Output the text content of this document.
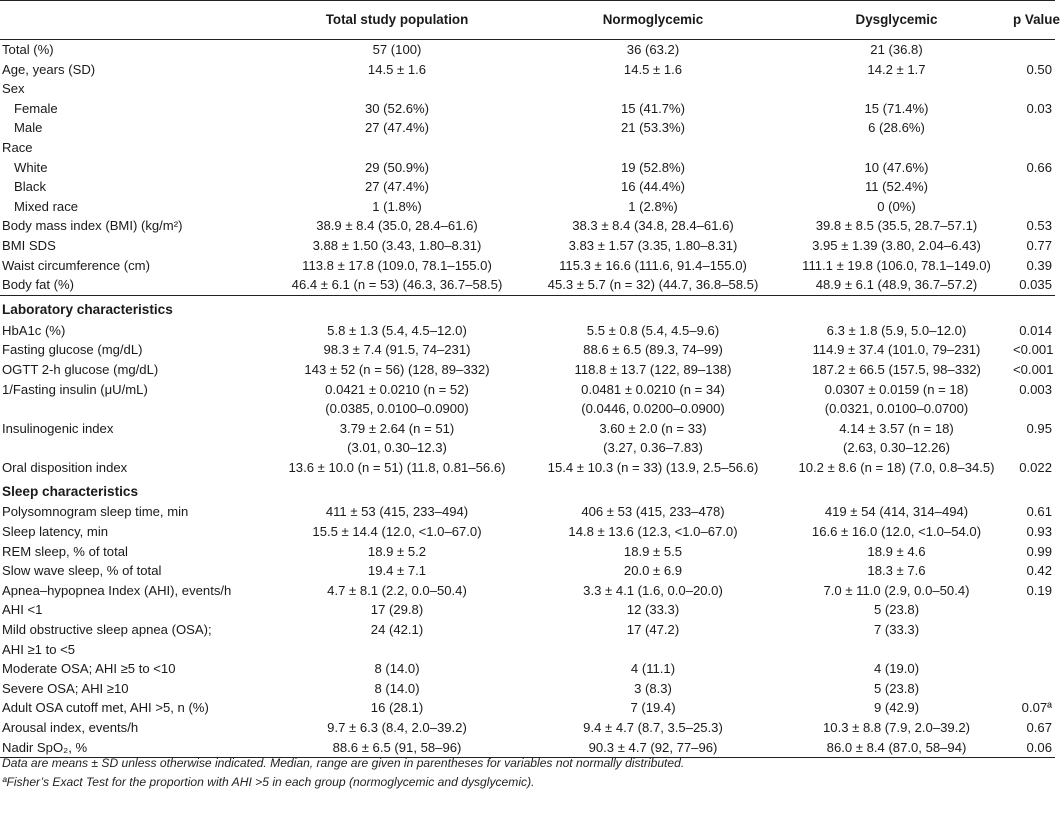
	Total study population	Normoglycemic	Dysglycemic	p Value
Total (%)	57 (100)	36 (63.2)	21 (36.8)	
Age, years (SD)	14.5 ± 1.6	14.5 ± 1.6	14.2 ± 1.7	0.50
Sex				
Female	30 (52.6%)	15 (41.7%)	15 (71.4%)	0.03
Male	27 (47.4%)	21 (53.3%)	6 (28.6%)	
Race				
White	29 (50.9%)	19 (52.8%)	10 (47.6%)	0.66
Black	27 (47.4%)	16 (44.4%)	11 (52.4%)	
Mixed race	1 (1.8%)	1 (2.8%)	0 (0%)	
Body mass index (BMI) (kg/m²)	38.9 ± 8.4 (35.0, 28.4–61.6)	38.3 ± 8.4 (34.8, 28.4–61.6)	39.8 ± 8.5 (35.5, 28.7–57.1)	0.53
BMI SDS	3.88 ± 1.50 (3.43, 1.80–8.31)	3.83 ± 1.57 (3.35, 1.80–8.31)	3.95 ± 1.39 (3.80, 2.04–6.43)	0.77
Waist circumference (cm)	113.8 ± 17.8 (109.0, 78.1–155.0)	115.3 ± 16.6 (111.6, 91.4–155.0)	111.1 ± 19.8 (106.0, 78.1–149.0)	0.39
Body fat (%)	46.4 ± 6.1 (n = 53) (46.3, 36.7–58.5)	45.3 ± 5.7 (n = 32) (44.7, 36.8–58.5)	48.9 ± 6.1 (48.9, 36.7–57.2)	0.035
Laboratory characteristics				
HbA1c (%)	5.8 ± 1.3 (5.4, 4.5–12.0)	5.5 ± 0.8 (5.4, 4.5–9.6)	6.3 ± 1.8 (5.9, 5.0–12.0)	0.014
Fasting glucose (mg/dL)	98.3 ± 7.4 (91.5, 74–231)	88.6 ± 6.5 (89.3, 74–99)	114.9 ± 37.4 (101.0, 79–231)	<0.001
OGTT 2-h glucose (mg/dL)	143 ± 52 (n = 56) (128, 89–332)	118.8 ± 13.7 (122, 89–138)	187.2 ± 66.5 (157.5, 98–332)	<0.001
1/Fasting insulin (μU/mL)	0.0421 ± 0.0210 (n = 52)	0.0481 ± 0.0210 (n = 34)	0.0307 ± 0.0159 (n = 18)	0.003
	(0.0385, 0.0100–0.0900)	(0.0446, 0.0200–0.0900)	(0.0321, 0.0100–0.0700)	
Insulinogenic index	3.79 ± 2.64 (n = 51)	3.60 ± 2.0 (n = 33)	4.14 ± 3.57 (n = 18)	0.95
	(3.01, 0.30–12.3)	(3.27, 0.36–7.83)	(2.63, 0.30–12.26)	
Oral disposition index	13.6 ± 10.0 (n = 51) (11.8, 0.81–56.6)	15.4 ± 10.3 (n = 33) (13.9, 2.5–56.6)	10.2 ± 8.6 (n = 18) (7.0, 0.8–34.5)	0.022
Sleep characteristics				
Polysomnogram sleep time, min	411 ± 53 (415, 233–494)	406 ± 53 (415, 233–478)	419 ± 54 (414, 314–494)	0.61
Sleep latency, min	15.5 ± 14.4 (12.0, <1.0–67.0)	14.8 ± 13.6 (12.3, <1.0–67.0)	16.6 ± 16.0 (12.0, <1.0–54.0)	0.93
REM sleep, % of total	18.9 ± 5.2	18.9 ± 5.5	18.9 ± 4.6	0.99
Slow wave sleep, % of total	19.4 ± 7.1	20.0 ± 6.9	18.3 ± 7.6	0.42
Apnea–hypopnea Index (AHI), events/h	4.7 ± 8.1 (2.2, 0.0–50.4)	3.3 ± 4.1 (1.6, 0.0–20.0)	7.0 ± 11.0 (2.9, 0.0–50.4)	0.19
AHI <1	17 (29.8)	12 (33.3)	5 (23.8)	
Mild obstructive sleep apnea (OSA);	24 (42.1)	17 (47.2)	7 (33.3)	
AHI ≥1 to <5				
Moderate OSA; AHI ≥5 to <10	8 (14.0)	4 (11.1)	4 (19.0)	
Severe OSA; AHI ≥10	8 (14.0)	3 (8.3)	5 (23.8)	
Adult OSA cutoff met, AHI >5, n (%)	16 (28.1)	7 (19.4)	9 (42.9)	0.07ª
Arousal index, events/h	9.7 ± 6.3 (8.4, 2.0–39.2)	9.4 ± 4.7 (8.7, 3.5–25.3)	10.3 ± 8.8 (7.9, 2.0–39.2)	0.67
Nadir SpO₂, %	88.6 ± 6.5 (91, 58–96)	90.3 ± 4.7 (92, 77–96)	86.0 ± 8.4 (87.0, 58–94)	0.06
Data are means ± SD unless otherwise indicated. Median, range are given in parentheses for variables not normally distributed.
ªFisher’s Exact Test for the proportion with AHI >5 in each group (normoglycemic and dysglycemic).
